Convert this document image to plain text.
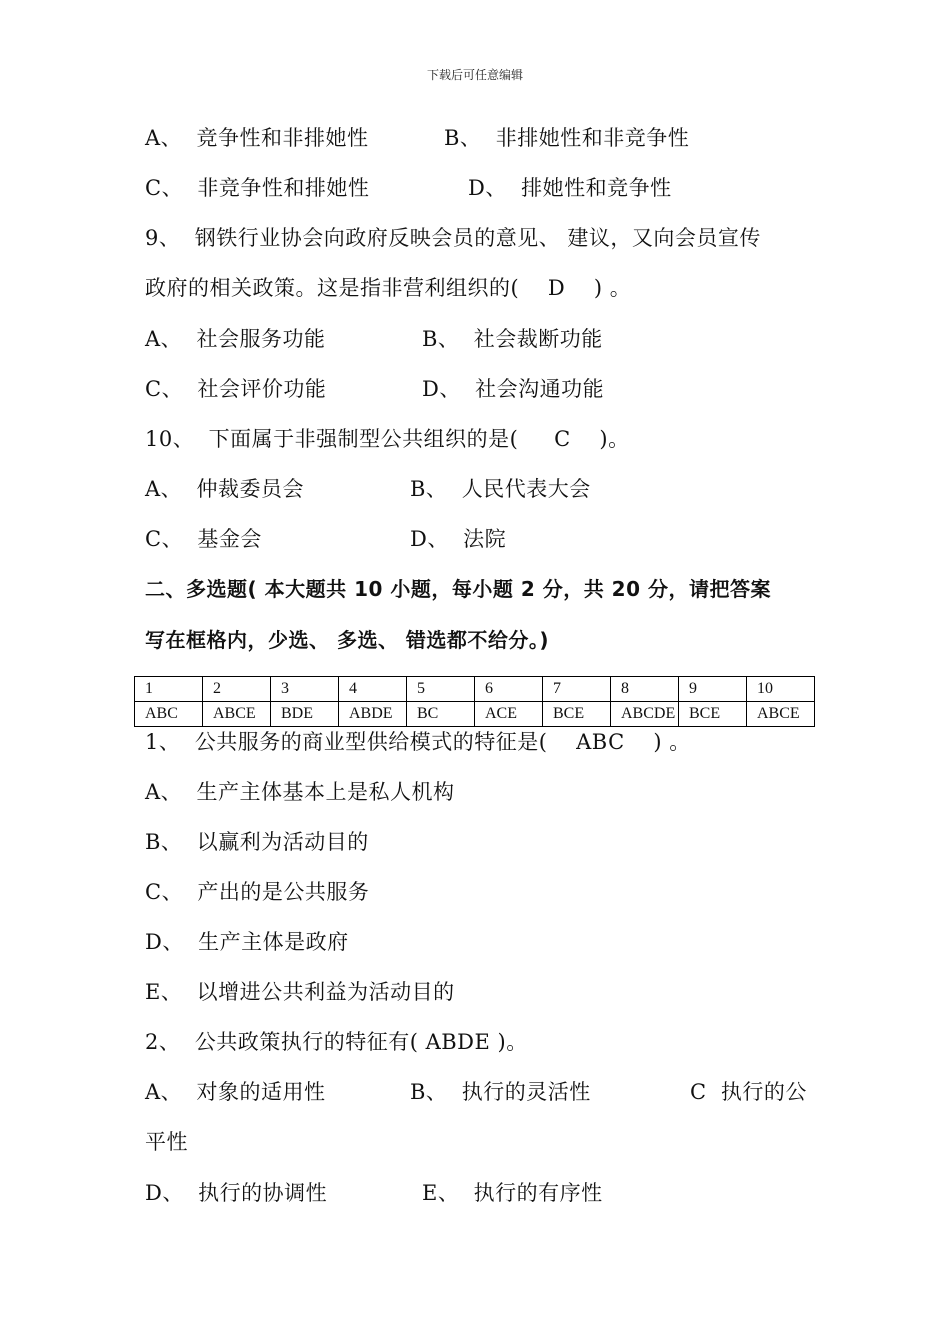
下载后可任意编辑

A、  竞争性和非排她性

	B、  非排她性和非竞争性

C、  非竞争性和排她性

	D、  排她性和竞争性

9、  钢铁行业协会向政府反映会员的意见、 建议，又向会员宣传
政府的相关政策。这是指非营利组织的(    D    ) 。

A、  社会服务功能

	B、  社会裁断功能

C、  社会评价功能

	D、  社会沟通功能

10、  下面属于非强制型公共组织的是(     C    )。

A、  仲裁委员会

	B、  人民代表大会

C、  基金会

	D、  法院

二、多选题( 本大题共 10 小题，每小题 2 分，共 20 分，请把答案
写在框格内，少选、 多选、 错选都不给分。)
1	2	3	4	5	6	7	8	9	10
ABC	ABCE	BDE	ABDE	BC	ACE	BCE	ABCDE	BCE	ABCE
1、  公共服务的商业型供给模式的特征是(    ABC    ) 。
A、  生产主体基本上是私人机构
B、  以赢利为活动目的
C、  产出的是公共服务
D、  生产主体是政府
E、  以增进公共利益为活动目的
2、  公共政策执行的特征有( ABDE )。

A、  对象的适用性

	B、  执行的灵活性

	C  执行的公

平性

D、  执行的协调性

	E、  执行的有序性
